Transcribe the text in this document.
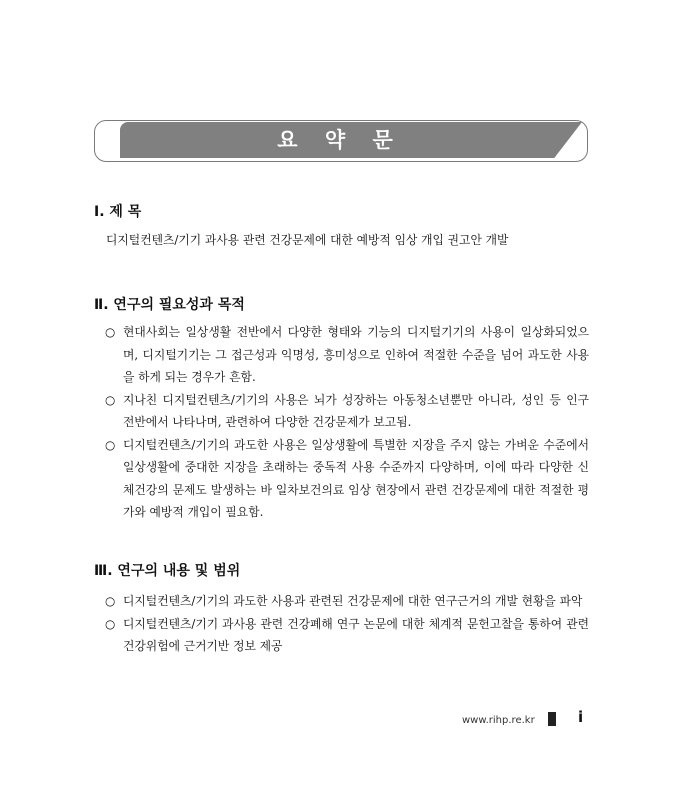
요 약 문
Ⅰ. 제 목

디지털컨텐츠/기기 과사용 관련 건강문제에 대한 예방적 임상 개입 권고안 개발

Ⅱ. 연구의 필요성과 목적
○ 현대사회는 일상생활 전반에서 다양한 형태와 기능의 디지털기기의 사용이 일상화되었으며, 디지털기기는 그 접근성과 익명성, 흥미성으로 인하여 적절한 수준을 넘어 과도한 사용을 하게 되는 경우가 흔함.
○ 지나친 디지털컨텐츠/기기의 사용은 뇌가 성장하는 아동청소년뿐만 아니라, 성인 등 인구 전반에서 나타나며, 관련하여 다양한 건강문제가 보고됨.
○ 디지털컨텐츠/기기의 과도한 사용은 일상생활에 특별한 지장을 주지 않는 가벼운 수준에서 일상생활에 중대한 지장을 초래하는 중독적 사용 수준까지 다양하며, 이에 따라 다양한 신체건강의 문제도 발생하는 바 일차보건의료 임상 현장에서 관련 건강문제에 대한 적절한 평가와 예방적 개입이 필요함.
Ⅲ. 연구의 내용 및 범위
○ 디지털컨텐츠/기기의 과도한 사용과 관련된 건강문제에 대한 연구근거의 개발 현황을 파악
○ 디지털컨텐츠/기기 과사용 관련 건강폐해 연구 논문에 대한 체계적 문헌고찰을 통하여 관련 건강위험에 근거기반 정보 제공
www.rihp.re.kr	i
